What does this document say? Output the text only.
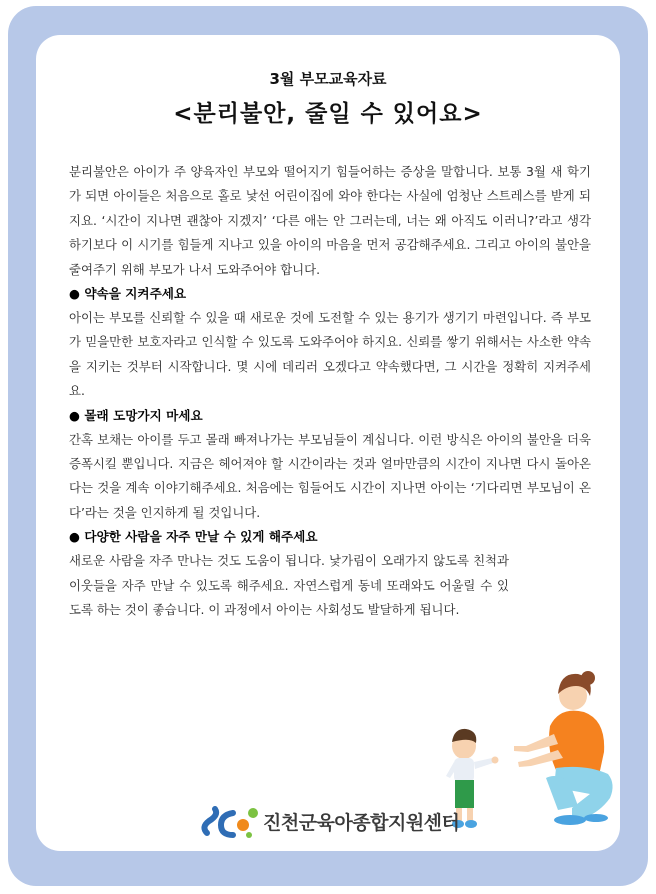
3월 부모교육자료
<분리불안, 줄일 수 있어요>

분리불안은 아이가 주 양육자인 부모와 떨어지기 힘들어하는 증상을 말합니다. 보통 3월 새 학기가 되면 아이들은 처음으로 홀로 낯선 어린이집에 와야 한다는 사실에 엄청난 스트레스를 받게 되지요. ‘시간이 지나면 괜찮아 지겠지’ ‘다른 애는 안 그러는데, 너는 왜 아직도 이러니?’라고 생각하기보다 이 시기를 힘들게 지나고 있을 아이의 마음을 먼저 공감해주세요. 그리고 아이의 불안을 줄여주기 위해 부모가 나서 도와주어야 합니다.

● 약속을 지켜주세요

아이는 부모를 신뢰할 수 있을 때 새로운 것에 도전할 수 있는 용기가 생기기 마련입니다. 즉 부모가 믿을만한 보호자라고 인식할 수 있도록 도와주어야 하지요. 신뢰를 쌓기 위해서는 사소한 약속을 지키는 것부터 시작합니다. 몇 시에 데리러 오겠다고 약속했다면, 그 시간을 정확히 지켜주세요.

● 몰래 도망가지 마세요

간혹 보채는 아이를 두고 몰래 빠져나가는 부모님들이 계십니다. 이런 방식은 아이의 불안을 더욱 증폭시킬 뿐입니다. 지금은 헤어져야 할 시간이라는 것과 얼마만큼의 시간이 지나면 다시 돌아온다는 것을 계속 이야기해주세요. 처음에는 힘들어도 시간이 지나면 아이는 ‘기다리면 부모님이 온다’라는 것을 인지하게 될 것입니다.

● 다양한 사람을 자주 만날 수 있게 해주세요

새로운 사람을 자주 만나는 것도 도움이 됩니다. 낯가림이 오래가지 않도록 친척과 이웃들을 자주 만날 수 있도록 해주세요. 자연스럽게 동네 또래와도 어울릴 수 있도록 하는 것이 좋습니다. 이 과정에서 아이는 사회성도 발달하게 됩니다.

진천군육아종합지원센터
